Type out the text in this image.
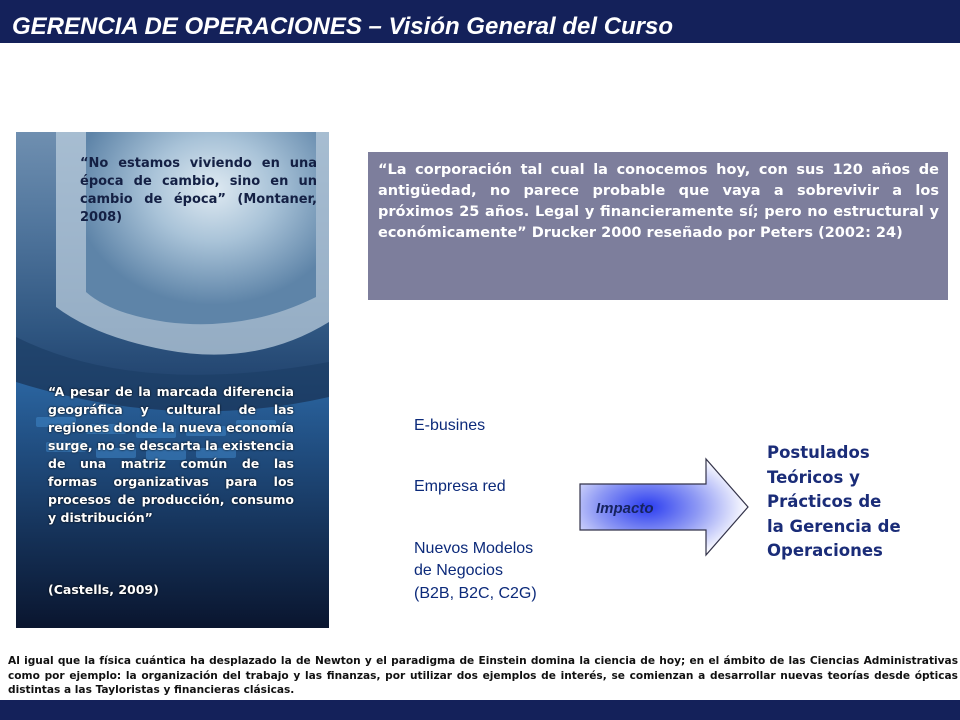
GERENCIA DE OPERACIONES – Visión General del Curso

“No estamos viviendo en una época de cambio, sino en un cambio de época” (Montaner, 2008)

“A pesar de la marcada diferencia geográfica y cultural de las regiones donde la nueva economía surge, no se descarta la existencia de una matriz común de las formas organizativas para los procesos de producción, consumo y distribución”

(Castells, 2009)

“La corporación tal cual la conocemos hoy, con sus 120 años de antigüedad, no parece probable que vaya a sobrevivir a los próximos 25 años. Legal y financieramente sí; pero no estructural y económicamente” Drucker 2000 reseñado por Peters (2002: 24)

E-busines

Empresa red

Nuevos Modelos

de Negocios

(B2B, B2C, C2G)

Impacto

Postulados
Teóricos y
Prácticos de
la Gerencia de
Operaciones

Al igual que la física cuántica ha desplazado la de Newton y el paradigma de Einstein domina la ciencia de hoy; en el ámbito de las Ciencias Administrativas como por ejemplo: la organización del trabajo y las finanzas, por utilizar dos ejemplos de interés, se comienzan a desarrollar nuevas teorías desde ópticas distintas a las Tayloristas y financieras clásicas.
